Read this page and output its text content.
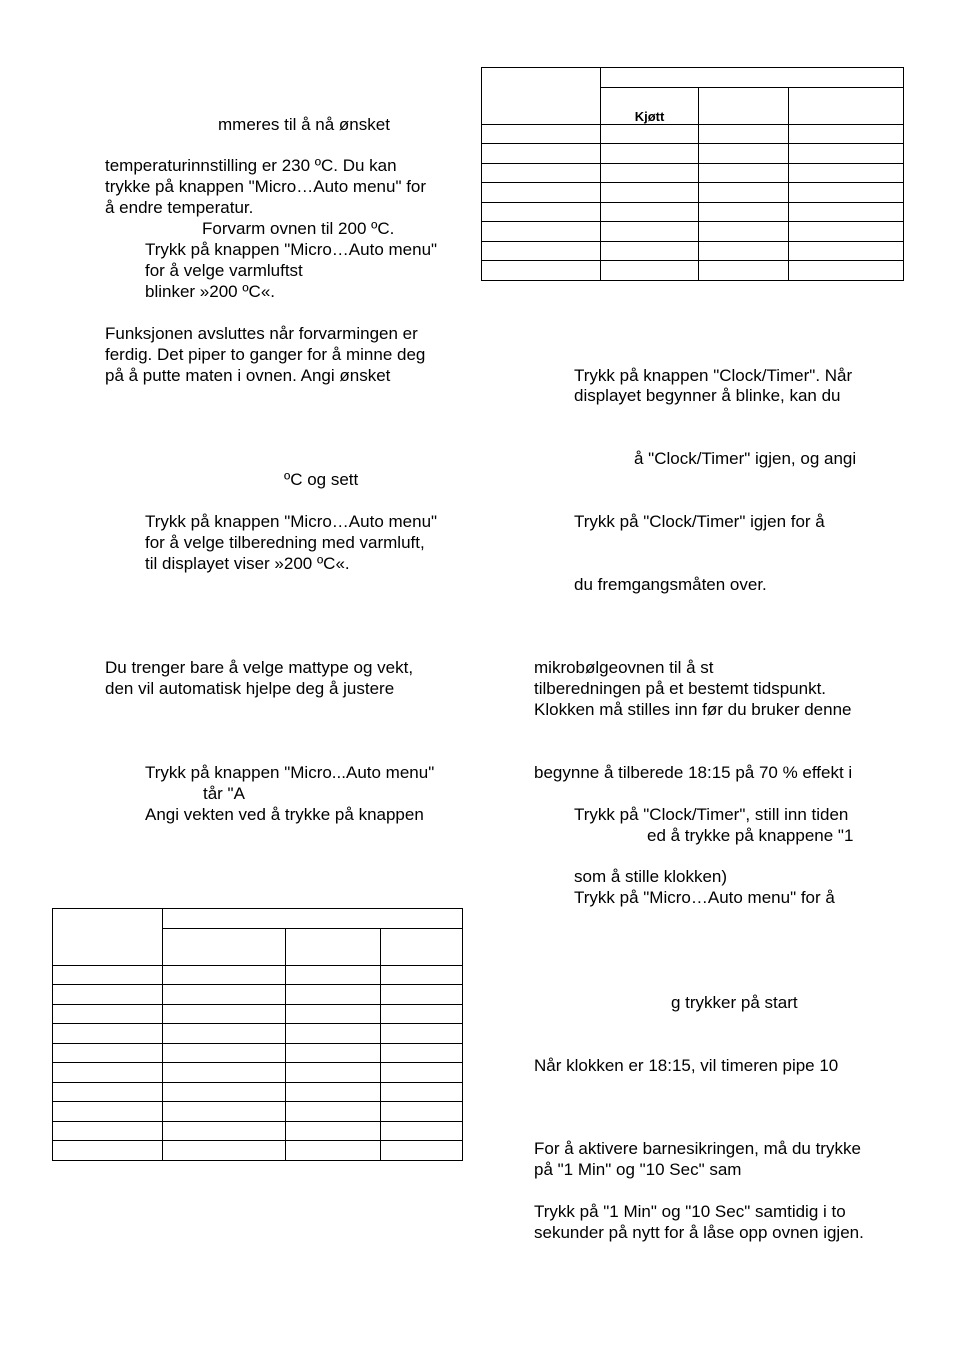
mmeres til å nå ønsket
temperaturinnstilling er 230 ºC. Du kan
trykke på knappen "Micro…Auto menu" for
å endre temperatur.
Forvarm ovnen til 200 ºC.
Trykk på knappen "Micro…Auto menu"
for å velge varmluftst
blinker »200 ºC«.
Funksjonen avsluttes når forvarmingen er
ferdig. Det piper to ganger for å minne deg
på å putte maten i ovnen. Angi ønsket
ºC og sett
Trykk på knappen "Micro…Auto menu"
for å velge tilberedning med varmluft,
til displayet viser »200 ºC«.
Du trenger bare å velge mattype og vekt,
den vil automatisk hjelpe deg å justere
Trykk på knappen "Micro...Auto menu"
tår "A
Angi vekten ved å trykke på knappen
Trykk på knappen "Clock/Timer". Når
displayet begynner å blinke, kan du
å "Clock/Timer" igjen, og angi
Trykk på "Clock/Timer" igjen for å
du fremgangsmåten over.
mikrobølgeovnen til å st
tilberedningen på et bestemt tidspunkt.
Klokken må stilles inn før du bruker denne
begynne å tilberede 18:15 på 70 % effekt i
Trykk på "Clock/Timer", still inn tiden
ed å trykke på knappene "1
som å stille klokken)
Trykk på "Micro…Auto menu" for å
g trykker på start
Når klokken er 18:15, vil timeren pipe 10
For å aktivere barnesikringen, må du trykke
på "1 Min" og "10 Sec" sam
Trykk på "1 Min" og "10 Sec" samtidig i to
sekunder på nytt for å låse opp ovnen igjen.

	Kjøtt		
